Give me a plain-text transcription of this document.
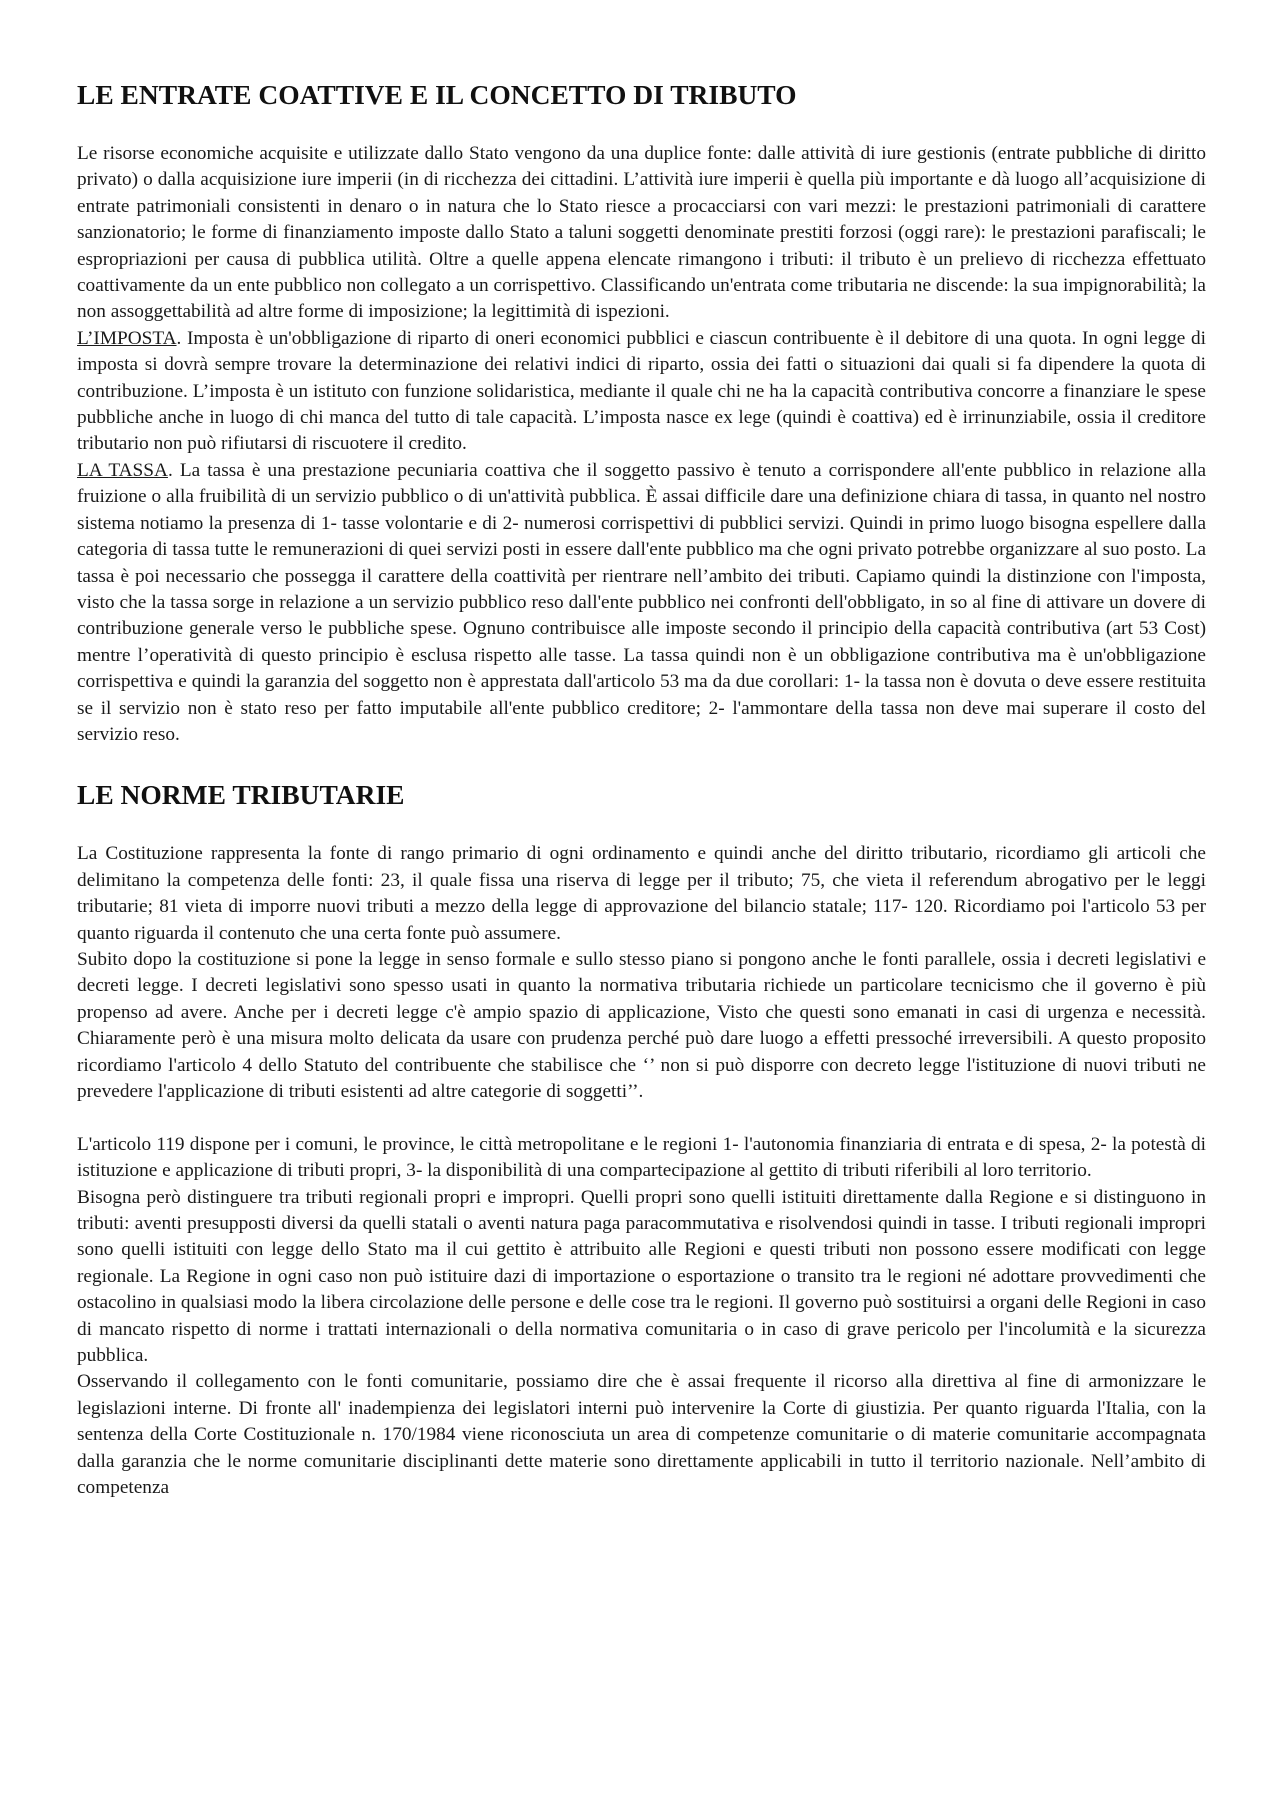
LE ENTRATE COATTIVE E IL CONCETTO DI TRIBUTO

Le risorse economiche acquisite e utilizzate dallo Stato vengono da una duplice fonte: dalle attività di iure gestionis (entrate pubbliche di diritto privato) o dalla acquisizione iure imperii (in di ricchezza dei cittadini. L’attività iure imperii è quella più importante e dà luogo all’acquisizione di entrate patrimoniali consistenti in denaro o in natura che lo Stato riesce a procacciarsi con vari mezzi: le prestazioni patrimoniali di carattere sanzionatorio; le forme di finanziamento imposte dallo Stato a taluni soggetti denominate prestiti forzosi (oggi rare): le prestazioni parafiscali; le espropriazioni per causa di pubblica utilità. Oltre a quelle appena elencate rimangono i tributi: il tributo è un prelievo di ricchezza effettuato coattivamente da un ente pubblico non collegato a un corrispettivo. Classificando un'entrata come tributaria ne discende: la sua impignorabilità; la non assoggettabilità ad altre forme di imposizione; la legittimità di ispezioni.

L’IMPOSTA. Imposta è un'obbligazione di riparto di oneri economici pubblici e ciascun contribuente è il debitore di una quota. In ogni legge di imposta si dovrà sempre trovare la determinazione dei relativi indici di riparto, ossia dei fatti o situazioni dai quali si fa dipendere la quota di contribuzione. L’imposta è un istituto con funzione solidaristica, mediante il quale chi ne ha la capacità contributiva concorre a finanziare le spese pubbliche anche in luogo di chi manca del tutto di tale capacità. L’imposta nasce ex lege (quindi è coattiva) ed è irrinunziabile, ossia il creditore tributario non può rifiutarsi di riscuotere il credito.

LA TASSA. La tassa è una prestazione pecuniaria coattiva che il soggetto passivo è tenuto a corrispondere all'ente pubblico in relazione alla fruizione o alla fruibilità di un servizio pubblico o di un'attività pubblica. È assai difficile dare una definizione chiara di tassa, in quanto nel nostro sistema notiamo la presenza di 1- tasse volontarie e di 2- numerosi corrispettivi di pubblici servizi. Quindi in primo luogo bisogna espellere dalla categoria di tassa tutte le remunerazioni di quei servizi posti in essere dall'ente pubblico ma che ogni privato potrebbe organizzare al suo posto. La tassa è poi necessario che possegga il carattere della coattività per rientrare nell’ambito dei tributi. Capiamo quindi la distinzione con l'imposta, visto che la tassa sorge in relazione a un servizio pubblico reso dall'ente pubblico nei confronti dell'obbligato, in so al fine di attivare un dovere di contribuzione generale verso le pubbliche spese. Ognuno contribuisce alle imposte secondo il principio della capacità contributiva (art 53 Cost) mentre l’operatività di questo principio è esclusa rispetto alle tasse. La tassa quindi non è un obbligazione contributiva ma è un'obbligazione corrispettiva e quindi la garanzia del soggetto non è apprestata dall'articolo 53 ma da due corollari: 1- la tassa non è dovuta o deve essere restituita se il servizio non è stato reso per fatto imputabile all'ente pubblico creditore; 2- l'ammontare della tassa non deve mai superare il costo del servizio reso.

LE NORME TRIBUTARIE

La Costituzione rappresenta la fonte di rango primario di ogni ordinamento e quindi anche del diritto tributario, ricordiamo gli articoli che delimitano la competenza delle fonti: 23, il quale fissa una riserva di legge per il tributo; 75, che vieta il referendum abrogativo per le leggi tributarie; 81 vieta di imporre nuovi tributi a mezzo della legge di approvazione del bilancio statale; 117- 120. Ricordiamo poi l'articolo 53 per quanto riguarda il contenuto che una certa fonte può assumere.

Subito dopo la costituzione si pone la legge in senso formale e sullo stesso piano si pongono anche le fonti parallele, ossia i decreti legislativi e decreti legge. I decreti legislativi sono spesso usati in quanto la normativa tributaria richiede un particolare tecnicismo che il governo è più propenso ad avere. Anche per i decreti legge c'è ampio spazio di applicazione, Visto che questi sono emanati in casi di urgenza e necessità. Chiaramente però è una misura molto delicata da usare con prudenza perché può dare luogo a effetti pressoché irreversibili. A questo proposito ricordiamo l'articolo 4 dello Statuto del contribuente che stabilisce che ‘’ non si può disporre con decreto legge l'istituzione di nuovi tributi ne prevedere l'applicazione di tributi esistenti ad altre categorie di soggetti’’.

L'articolo 119 dispone per i comuni, le province, le città metropolitane e le regioni 1- l'autonomia finanziaria di entrata e di spesa, 2- la potestà di istituzione e applicazione di tributi propri, 3- la disponibilità di una compartecipazione al gettito di tributi riferibili al loro territorio.

Bisogna però distinguere tra tributi regionali propri e impropri. Quelli propri sono quelli istituiti direttamente dalla Regione e si distinguono in tributi: aventi presupposti diversi da quelli statali o aventi natura paga paracommutativa e risolvendosi quindi in tasse. I tributi regionali impropri sono quelli istituiti con legge dello Stato ma il cui gettito è attribuito alle Regioni e questi tributi non possono essere modificati con legge regionale. La Regione in ogni caso non può istituire dazi di importazione o esportazione o transito tra le regioni né adottare provvedimenti che ostacolino in qualsiasi modo la libera circolazione delle persone e delle cose tra le regioni. Il governo può sostituirsi a organi delle Regioni in caso di mancato rispetto di norme i trattati internazionali o della normativa comunitaria o in caso di grave pericolo per l'incolumità e la sicurezza pubblica.

Osservando il collegamento con le fonti comunitarie, possiamo dire che è assai frequente il ricorso alla direttiva al fine di armonizzare le legislazioni interne. Di fronte all' inadempienza dei legislatori interni può intervenire la Corte di giustizia. Per quanto riguarda l'Italia, con la sentenza della Corte Costituzionale n. 170/1984 viene riconosciuta un area di competenze comunitarie o di materie comunitarie accompagnata dalla garanzia che le norme comunitarie disciplinanti dette materie sono direttamente applicabili in tutto il territorio nazionale. Nell’ambito di competenza
